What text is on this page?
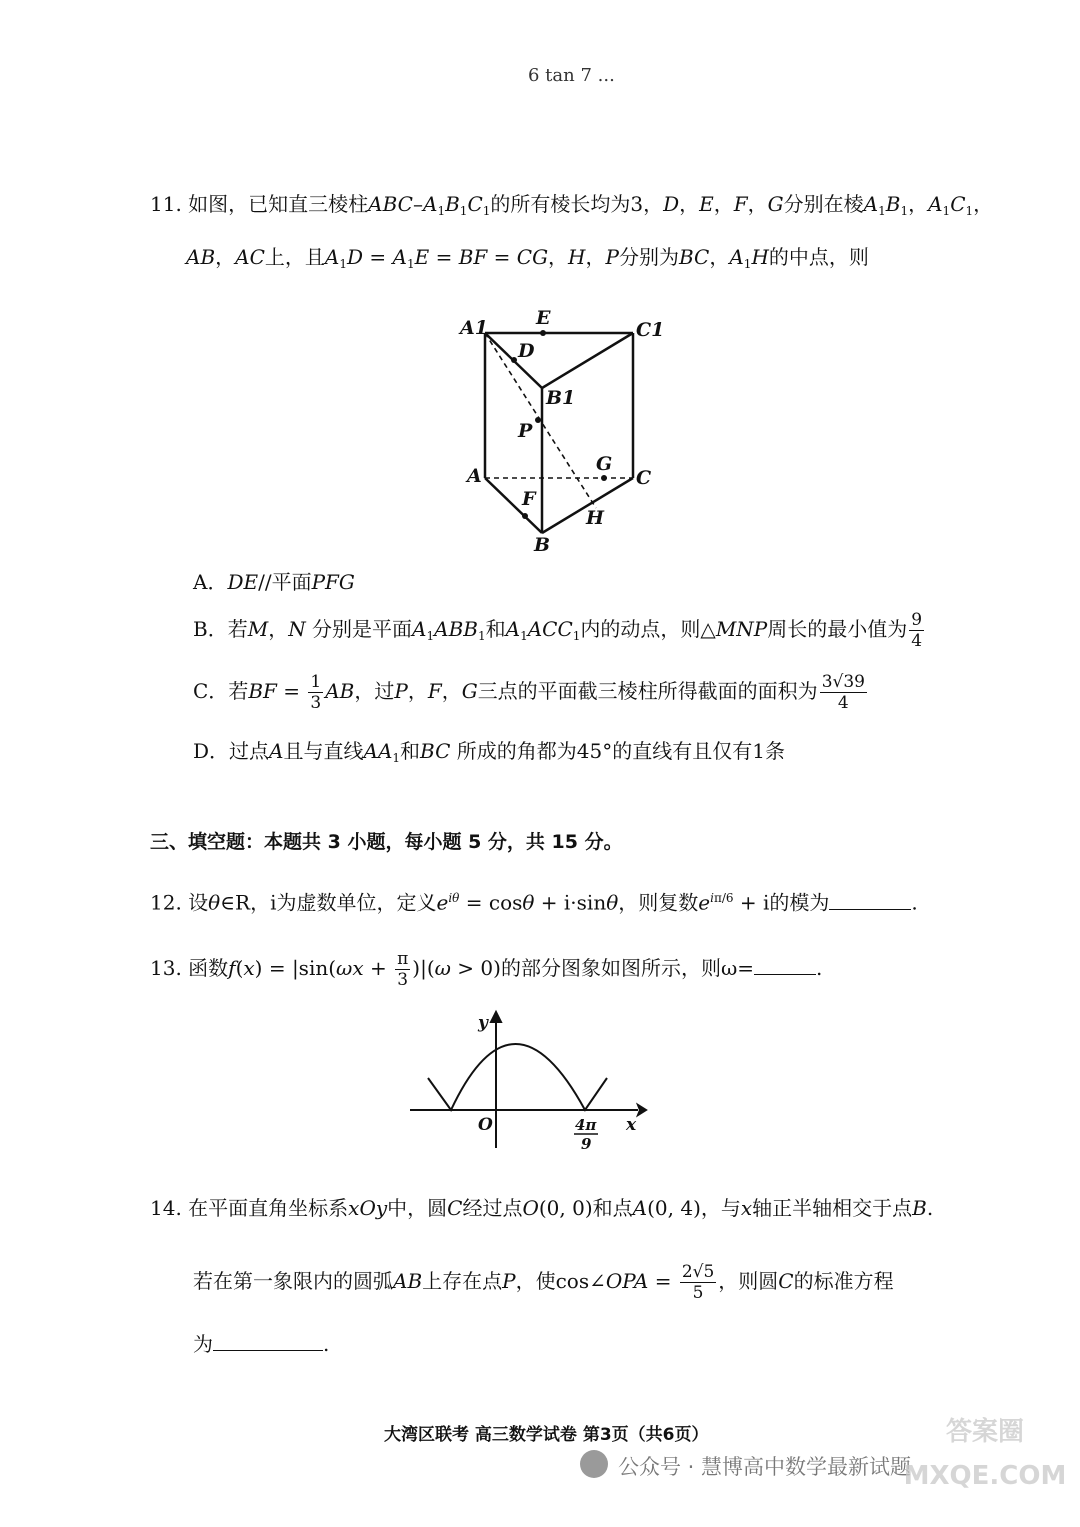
6 tan 7 ...
11. 如图，已知直三棱柱ABC–$A_1B_1C_1$的所有棱长均为3，D，E，F，G分别在棱$A_1B_1$，$A_1C_1$，
AB，AC上，且$A_1D = A_1E$ = BF = CG，H，P分别为BC，$A_1H$的中点，则
A1	E
C1
D
B1
P
A
G
C
F
H
B
A．DE//平面PFG
B．若M，N 分别是平面$A_1ABB_1$和$A_1ACC_1$内的动点，则△MNP周长的最小值为 $\frac{9}{4}$
C．若BF = $\frac{1}{3}$ AB，过P，F，G三点的平面截三棱柱所得截面的面积为 $\frac{3√39}{4}$
D．过点A且与直线$AA_1$和BC 所成的角都为45°的直线有且仅有1条
三、填空题：本题共 3 小题，每小题 5 分，共 15 分。
12. 设θ∈R，i为虚数单位，定义$e^{i\theta} = \cos\theta + i\cdot\sin\theta$，则复数$e^{i\pi/6} + i$的模为	.
13. 函数$f(x) = |\sin(\omega x + \frac{\pi}{3} )|(\omega > 0)$的部分图象如图所示，则ω=	.
y
x
O	4π
9
14. 在平面直角坐标系xOy中，圆C经过点O(0, 0)和点A(0, 4)，与x轴正半轴相交于点B.
若在第一象限内的圆弧AB上存在点P，使cos∠OPA = $\frac{2√5}{5}$ ，则圆C的标准方程
为	.
大湾区联考 高三数学试卷 第3页（共6页）
公众号 · 慧博高中数学最新试题
答案圈 MXQE.COM
